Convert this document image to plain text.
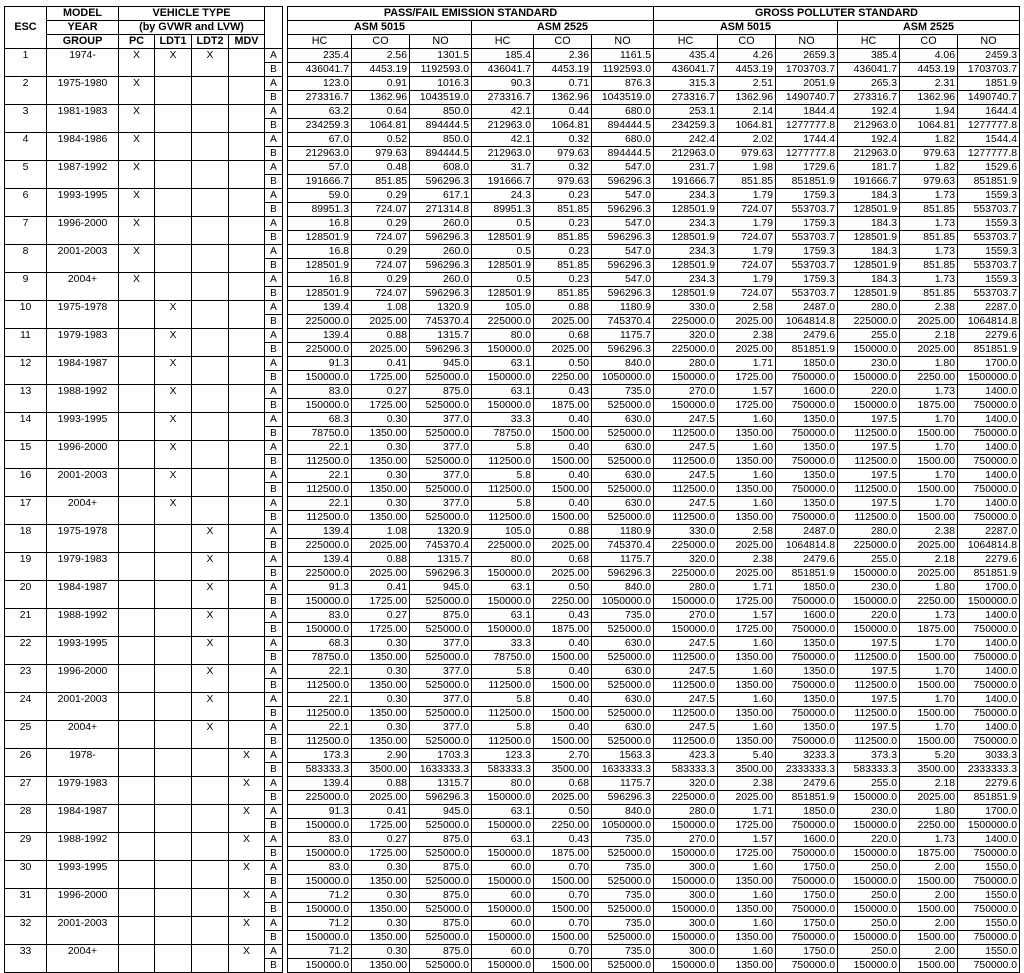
ESC	MODEL	VEHICLE TYPE						PASS/FAIL EMISSION STANDARD						GROSS POLLUTER STANDARD					
	YEAR	(by GVWR and LVW)						ASM 5015			ASM 2525			ASM 5015			ASM 2525		
	GROUP	PC	LDT1	LDT2	MDV			HC	CO	NO	HC	CO	NO	HC	CO	NO	HC	CO	NO
1	1974-	X	X	X		A		235.4	2.56	1301.5	185.4	2.36	1161.5	435.4	4.26	2659.3	385.4	4.06	2459.3
						B		436041.7	4453.19	1192593.0	436041.7	4453.19	1192593.0	436041.7	4453.19	1703703.7	436041.7	4453.19	1703703.7
2	1975-1980	X				A		123.0	0.91	1016.3	90.3	0.71	876.3	315.3	2.51	2051.9	265.3	2.31	1851.9
						B		273316.7	1362.96	1043519.0	273316.7	1362.96	1043519.0	273316.7	1362.96	1490740.7	273316.7	1362.96	1490740.7
3	1981-1983	X				A		63.2	0.64	850.0	42.1	0.44	680.0	253.1	2.14	1844.4	192.4	1.94	1644.4
						B		234259.3	1064.81	894444.5	212963.0	1064.81	894444.5	234259.3	1064.81	1277777.8	212963.0	1064.81	1277777.8
4	1984-1986	X				A		67.0	0.52	850.0	42.1	0.32	680.0	242.4	2.02	1744.4	192.4	1.82	1544.4
						B		212963.0	979.63	894444.5	212963.0	979.63	894444.5	212963.0	979.63	1277777.8	212963.0	979.63	1277777.8
5	1987-1992	X				A		57.0	0.48	608.0	31.7	0.32	547.0	231.7	1.98	1729.6	181.7	1.82	1529.6
						B		191666.7	851.85	596296.3	191666.7	979.63	596296.3	191666.7	851.85	851851.9	191666.7	979.63	851851.9
6	1993-1995	X				A		59.0	0.29	617.1	24.3	0.23	547.0	234.3	1.79	1759.3	184.3	1.73	1559.3
						B		89951.3	724.07	271314.8	89951.3	851.85	596296.3	128501.9	724.07	553703.7	128501.9	851.85	553703.7
7	1996-2000	X				A		16.8	0.29	260.0	0.5	0.23	547.0	234.3	1.79	1759.3	184.3	1.73	1559.3
						B		128501.9	724.07	596296.3	128501.9	851.85	596296.3	128501.9	724.07	553703.7	128501.9	851.85	553703.7
8	2001-2003	X				A		16.8	0.29	260.0	0.5	0.23	547.0	234.3	1.79	1759.3	184.3	1.73	1559.3
						B		128501.9	724.07	596296.3	128501.9	851.85	596296.3	128501.9	724.07	553703.7	128501.9	851.85	553703.7
9	2004+	X				A		16.8	0.29	260.0	0.5	0.23	547.0	234.3	1.79	1759.3	184.3	1.73	1559.3
						B		128501.9	724.07	596296.3	128501.9	851.85	596296.3	128501.9	724.07	553703.7	128501.9	851.85	553703.7
10	1975-1978		X			A		139.4	1.08	1320.9	105.0	0.88	1180.9	330.0	2.58	2487.0	280.0	2.38	2287.0
						B		225000.0	2025.00	745370.4	225000.0	2025.00	745370.4	225000.0	2025.00	1064814.8	225000.0	2025.00	1064814.8
11	1979-1983		X			A		139.4	0.88	1315.7	80.0	0.68	1175.7	320.0	2.38	2479.6	255.0	2.18	2279.6
						B		225000.0	2025.00	596296.3	150000.0	2025.00	596296.3	225000.0	2025.00	851851.9	150000.0	2025.00	851851.9
12	1984-1987		X			A		91.3	0.41	945.0	63.1	0.50	840.0	280.0	1.71	1850.0	230.0	1.80	1700.0
						B		150000.0	1725.00	525000.0	150000.0	2250.00	1050000.0	150000.0	1725.00	750000.0	150000.0	2250.00	1500000.0
13	1988-1992		X			A		83.0	0.27	875.0	63.1	0.43	735.0	270.0	1.57	1600.0	220.0	1.73	1400.0
						B		150000.0	1725.00	525000.0	150000.0	1875.00	525000.0	150000.0	1725.00	750000.0	150000.0	1875.00	750000.0
14	1993-1995		X			A		68.3	0.30	377.0	33.3	0.40	630.0	247.5	1.60	1350.0	197.5	1.70	1400.0
						B		78750.0	1350.00	525000.0	78750.0	1500.00	525000.0	112500.0	1350.00	750000.0	112500.0	1500.00	750000.0
15	1996-2000		X			A		22.1	0.30	377.0	5.8	0.40	630.0	247.5	1.60	1350.0	197.5	1.70	1400.0
						B		112500.0	1350.00	525000.0	112500.0	1500.00	525000.0	112500.0	1350.00	750000.0	112500.0	1500.00	750000.0
16	2001-2003		X			A		22.1	0.30	377.0	5.8	0.40	630.0	247.5	1.60	1350.0	197.5	1.70	1400.0
						B		112500.0	1350.00	525000.0	112500.0	1500.00	525000.0	112500.0	1350.00	750000.0	112500.0	1500.00	750000.0
17	2004+		X			A		22.1	0.30	377.0	5.8	0.40	630.0	247.5	1.60	1350.0	197.5	1.70	1400.0
						B		112500.0	1350.00	525000.0	112500.0	1500.00	525000.0	112500.0	1350.00	750000.0	112500.0	1500.00	750000.0
18	1975-1978			X		A		139.4	1.08	1320.9	105.0	0.88	1180.9	330.0	2.58	2487.0	280.0	2.38	2287.0
						B		225000.0	2025.00	745370.4	225000.0	2025.00	745370.4	225000.0	2025.00	1064814.8	225000.0	2025.00	1064814.8
19	1979-1983			X		A		139.4	0.88	1315.7	80.0	0.68	1175.7	320.0	2.38	2479.6	255.0	2.18	2279.6
						B		225000.0	2025.00	596296.3	150000.0	2025.00	596296.3	225000.0	2025.00	851851.9	150000.0	2025.00	851851.9
20	1984-1987			X		A		91.3	0.41	945.0	63.1	0.50	840.0	280.0	1.71	1850.0	230.0	1.80	1700.0
						B		150000.0	1725.00	525000.0	150000.0	2250.00	1050000.0	150000.0	1725.00	750000.0	150000.0	2250.00	1500000.0
21	1988-1992			X		A		83.0	0.27	875.0	63.1	0.43	735.0	270.0	1.57	1600.0	220.0	1.73	1400.0
						B		150000.0	1725.00	525000.0	150000.0	1875.00	525000.0	150000.0	1725.00	750000.0	150000.0	1875.00	750000.0
22	1993-1995			X		A		68.3	0.30	377.0	33.3	0.40	630.0	247.5	1.60	1350.0	197.5	1.70	1400.0
						B		78750.0	1350.00	525000.0	78750.0	1500.00	525000.0	112500.0	1350.00	750000.0	112500.0	1500.00	750000.0
23	1996-2000			X		A		22.1	0.30	377.0	5.8	0.40	630.0	247.5	1.60	1350.0	197.5	1.70	1400.0
						B		112500.0	1350.00	525000.0	112500.0	1500.00	525000.0	112500.0	1350.00	750000.0	112500.0	1500.00	750000.0
24	2001-2003			X		A		22.1	0.30	377.0	5.8	0.40	630.0	247.5	1.60	1350.0	197.5	1.70	1400.0
						B		112500.0	1350.00	525000.0	112500.0	1500.00	525000.0	112500.0	1350.00	750000.0	112500.0	1500.00	750000.0
25	2004+			X		A		22.1	0.30	377.0	5.8	0.40	630.0	247.5	1.60	1350.0	197.5	1.70	1400.0
						B		112500.0	1350.00	525000.0	112500.0	1500.00	525000.0	112500.0	1350.00	750000.0	112500.0	1500.00	750000.0
26	1978-				X	A		173.3	2.90	1703.3	123.3	2.70	1563.3	423.3	5.40	3233.3	373.3	5.20	3033.3
						B		583333.3	3500.00	1633333.3	583333.3	3500.00	1633333.3	583333.3	3500.00	2333333.3	583333.3	3500.00	2333333.3
27	1979-1983				X	A		139.4	0.88	1315.7	80.0	0.68	1175.7	320.0	2.38	2479.6	255.0	2.18	2279.6
						B		225000.0	2025.00	596296.3	150000.0	2025.00	596296.3	225000.0	2025.00	851851.9	150000.0	2025.00	851851.9
28	1984-1987				X	A		91.3	0.41	945.0	63.1	0.50	840.0	280.0	1.71	1850.0	230.0	1.80	1700.0
						B		150000.0	1725.00	525000.0	150000.0	2250.00	1050000.0	150000.0	1725.00	750000.0	150000.0	2250.00	1500000.0
29	1988-1992				X	A		83.0	0.27	875.0	63.1	0.43	735.0	270.0	1.57	1600.0	220.0	1.73	1400.0
						B		150000.0	1725.00	525000.0	150000.0	1875.00	525000.0	150000.0	1725.00	750000.0	150000.0	1875.00	750000.0
30	1993-1995				X	A		83.0	0.30	875.0	60.0	0.70	735.0	300.0	1.60	1750.0	250.0	2.00	1550.0
						B		150000.0	1350.00	525000.0	150000.0	1500.00	525000.0	150000.0	1350.00	750000.0	150000.0	1500.00	750000.0
31	1996-2000				X	A		71.2	0.30	875.0	60.0	0.70	735.0	300.0	1.60	1750.0	250.0	2.00	1550.0
						B		150000.0	1350.00	525000.0	150000.0	1500.00	525000.0	150000.0	1350.00	750000.0	150000.0	1500.00	750000.0
32	2001-2003				X	A		71.2	0.30	875.0	60.0	0.70	735.0	300.0	1.60	1750.0	250.0	2.00	1550.0
						B		150000.0	1350.00	525000.0	150000.0	1500.00	525000.0	150000.0	1350.00	750000.0	150000.0	1500.00	750000.0
33	2004+				X	A		71.2	0.30	875.0	60.0	0.70	735.0	300.0	1.60	1750.0	250.0	2.00	1550.0
						B		150000.0	1350.00	525000.0	150000.0	1500.00	525000.0	150000.0	1350.00	750000.0	150000.0	1500.00	750000.0
